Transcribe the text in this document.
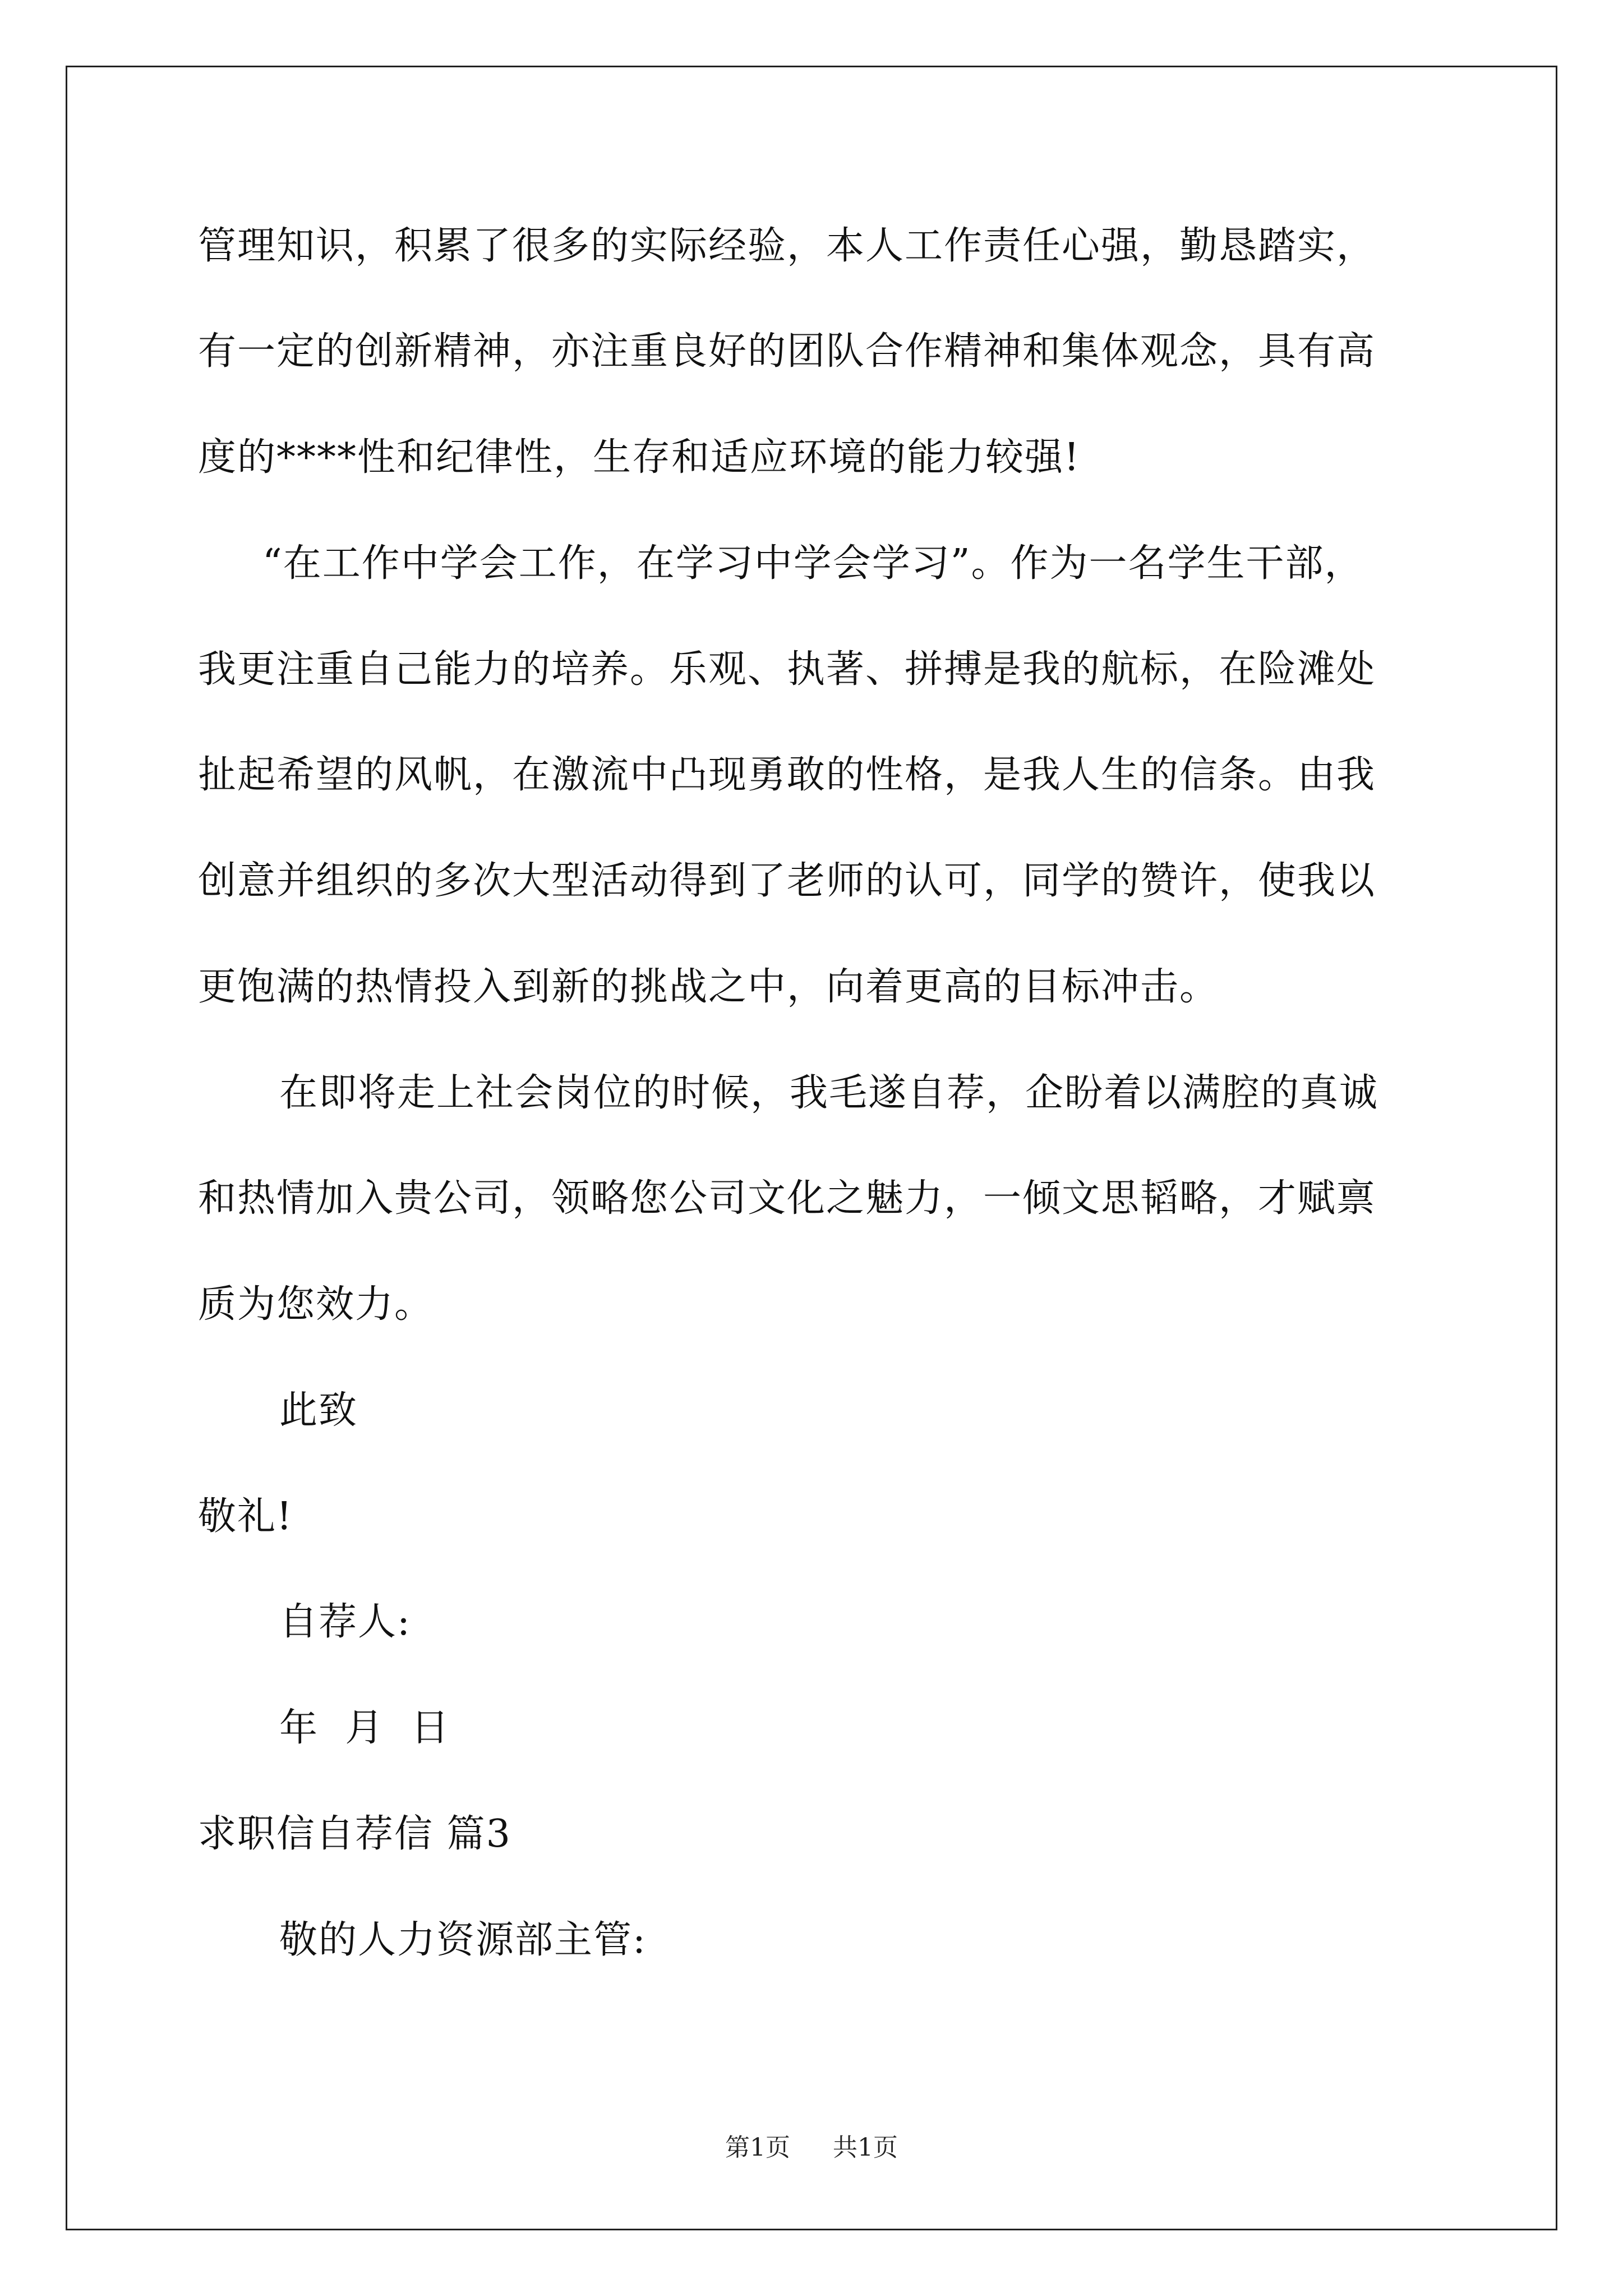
管理知识，积累了很多的实际经验，本人工作责任心强，勤恳踏实，
有一定的创新精神，亦注重良好的团队合作精神和集体观念，具有高
度的****性和纪律性，生存和适应环境的能力较强!
“在工作中学会工作，在学习中学会学习”。作为一名学生干部，
我更注重自己能力的培养。乐观、执著、拼搏是我的航标，在险滩处
扯起希望的风帆，在激流中凸现勇敢的性格，是我人生的信条。由我
创意并组织的多次大型活动得到了老师的认可，同学的赞许，使我以
更饱满的热情投入到新的挑战之中，向着更高的目标冲击。
在即将走上社会岗位的时候，我毛遂自荐，企盼着以满腔的真诚
和热情加入贵公司，领略您公司文化之魅力，一倾文思韬略，才赋禀
质为您效力。
此致
敬礼!
自荐人:
年  月  日
求职信自荐信 篇3
敬的人力资源部主管:
第1页 共1页
